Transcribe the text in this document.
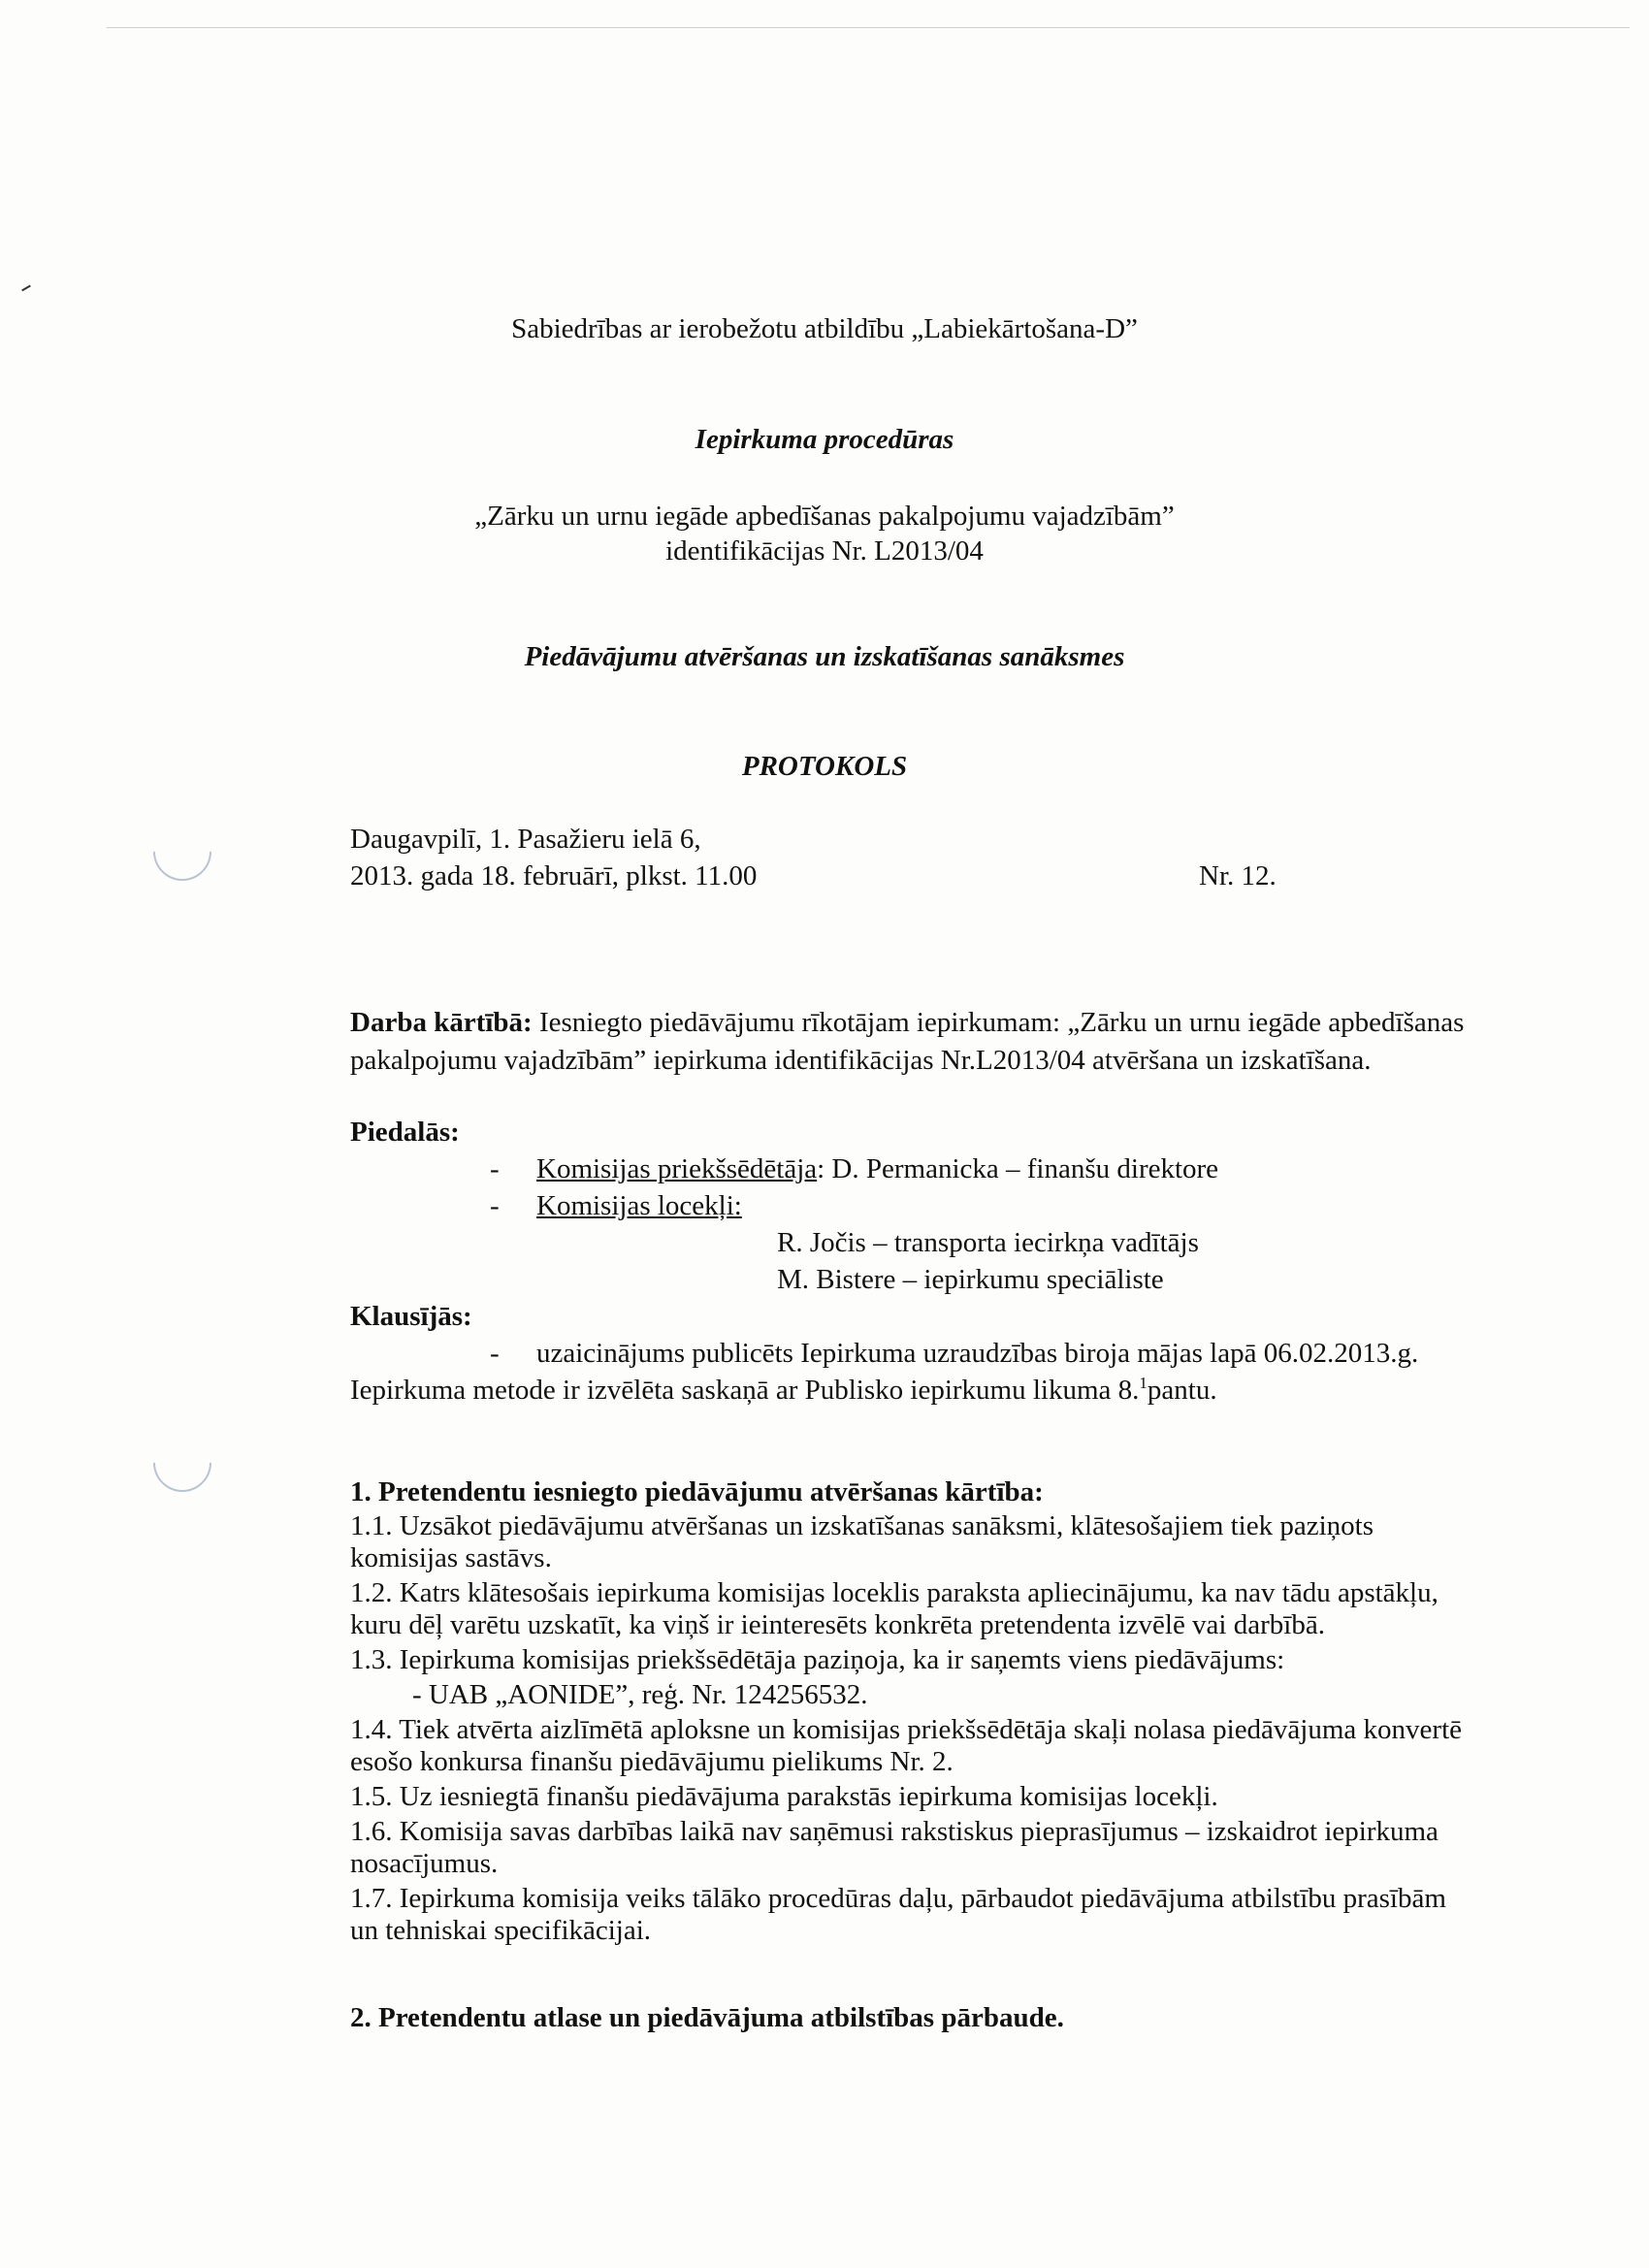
Sabiedrības ar ierobežotu atbildību „Labiekārtošana-D”

Iepirkuma procedūras

„Zārku un urnu iegāde apbedīšanas pakalpojumu vajadzībām”

identifikācijas Nr. L2013/04

Piedāvājumu atvēršanas un izskatīšanas sanāksmes

PROTOKOLS

Daugavpilī, 1. Pasažieru ielā 6,

2013. gada 18. februārī, plkst. 11.00	Nr. 12.

Darba kārtībā: Iesniegto piedāvājumu rīkotājam iepirkumam: „Zārku un urnu iegāde apbedīšanas

pakalpojumu vajadzībām” iepirkuma identifikācijas Nr.L2013/04 atvēršana un izskatīšana.

Piedalās:

- Komisijas priekšsēdētāja: D. Permanicka – finanšu direktore

- Komisijas locekļi:

R. Jočis – transporta iecirkņa vadītājs

M. Bistere – iepirkumu speciāliste

Klausījās:

- uzaicinājums publicēts Iepirkuma uzraudzības biroja mājas lapā 06.02.2013.g.

Iepirkuma metode ir izvēlēta saskaņā ar Publisko iepirkumu likuma 8.$^1$pantu.

1. Pretendentu iesniegto piedāvājumu atvēršanas kārtība:

1.1. Uzsākot piedāvājumu atvēršanas un izskatīšanas sanāksmi, klātesošajiem tiek paziņots

komisijas sastāvs.

1.2. Katrs klātesošais iepirkuma komisijas loceklis paraksta apliecinājumu, ka nav tādu apstākļu,

kuru dēļ varētu uzskatīt, ka viņš ir ieinteresēts konkrēta pretendenta izvēlē vai darbībā.

1.3. Iepirkuma komisijas priekšsēdētāja paziņoja, ka ir saņemts viens piedāvājums:

- UAB „AONIDE”, reģ. Nr. 124256532.

1.4. Tiek atvērta aizlīmētā aploksne un komisijas priekšsēdētāja skaļi nolasa piedāvājuma konvertē

esošo konkursa finanšu piedāvājumu pielikums Nr. 2.

1.5. Uz iesniegtā finanšu piedāvājuma parakstās iepirkuma komisijas locekļi.

1.6. Komisija savas darbības laikā nav saņēmusi rakstiskus pieprasījumus – izskaidrot iepirkuma

nosacījumus.

1.7. Iepirkuma komisija veiks tālāko procedūras daļu, pārbaudot piedāvājuma atbilstību prasībām

un tehniskai specifikācijai.

2. Pretendentu atlase un piedāvājuma atbilstības pārbaude.
